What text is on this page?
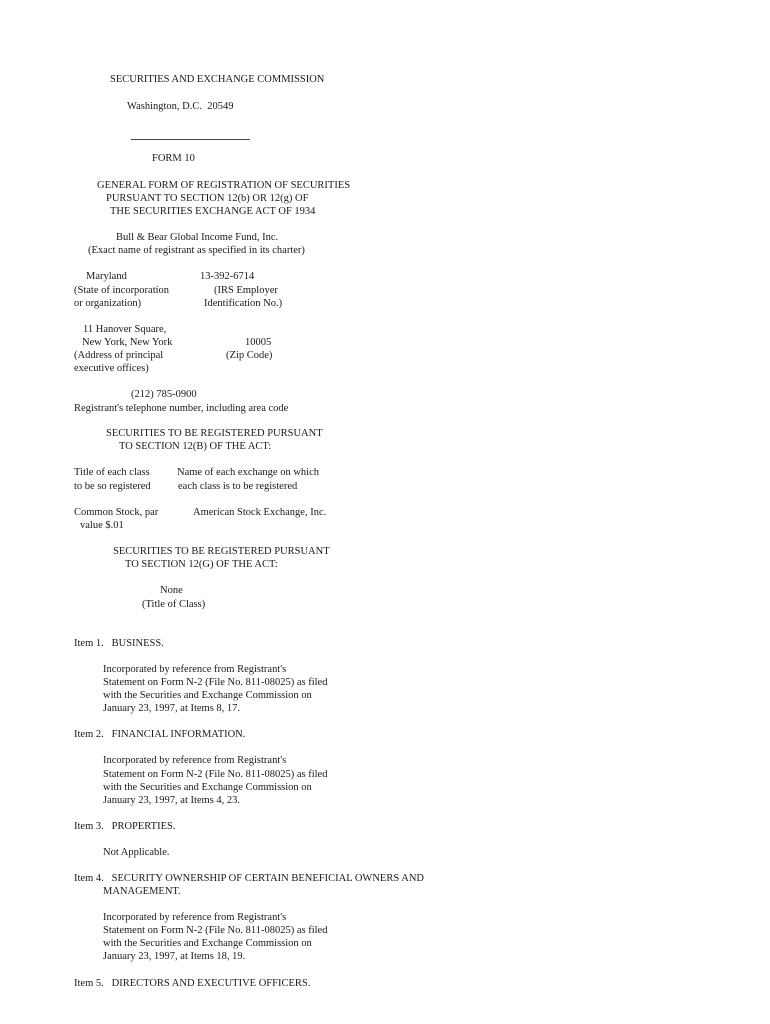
SECURITIES AND EXCHANGE COMMISSION
Washington, D.C.  20549
FORM 10
GENERAL FORM OF REGISTRATION OF SECURITIES
PURSUANT TO SECTION 12(b) OR 12(g) OF
THE SECURITIES EXCHANGE ACT OF 1934
Bull & Bear Global Income Fund, Inc.
(Exact name of registrant as specified in its charter)
Maryland	13-392-6714
(State of incorporation	(IRS Employer
or organization)	Identification No.)
11 Hanover Square,
New York, New York	10005
(Address of principal	(Zip Code)
executive offices)
(212) 785-0900
Registrant's telephone number, including area code
SECURITIES TO BE REGISTERED PURSUANT
TO SECTION 12(B) OF THE ACT:
Title of each class	Name of each exchange on which
to be so registered	each class is to be registered
Common Stock, par	American Stock Exchange, Inc.
value $.01
SECURITIES TO BE REGISTERED PURSUANT
TO SECTION 12(G) OF THE ACT:
None
(Title of Class)
Item 1.   BUSINESS.
Incorporated by reference from Registrant's
Statement on Form N-2 (File No. 811-08025) as filed
with the Securities and Exchange Commission on
January 23, 1997, at Items 8, 17.
Item 2.   FINANCIAL INFORMATION.
Incorporated by reference from Registrant's
Statement on Form N-2 (File No. 811-08025) as filed
with the Securities and Exchange Commission on
January 23, 1997, at Items 4, 23.
Item 3.   PROPERTIES.
Not Applicable.
Item 4.   SECURITY OWNERSHIP OF CERTAIN BENEFICIAL OWNERS AND
MANAGEMENT.
Incorporated by reference from Registrant's
Statement on Form N-2 (File No. 811-08025) as filed
with the Securities and Exchange Commission on
January 23, 1997, at Items 18, 19.
Item 5.   DIRECTORS AND EXECUTIVE OFFICERS.
